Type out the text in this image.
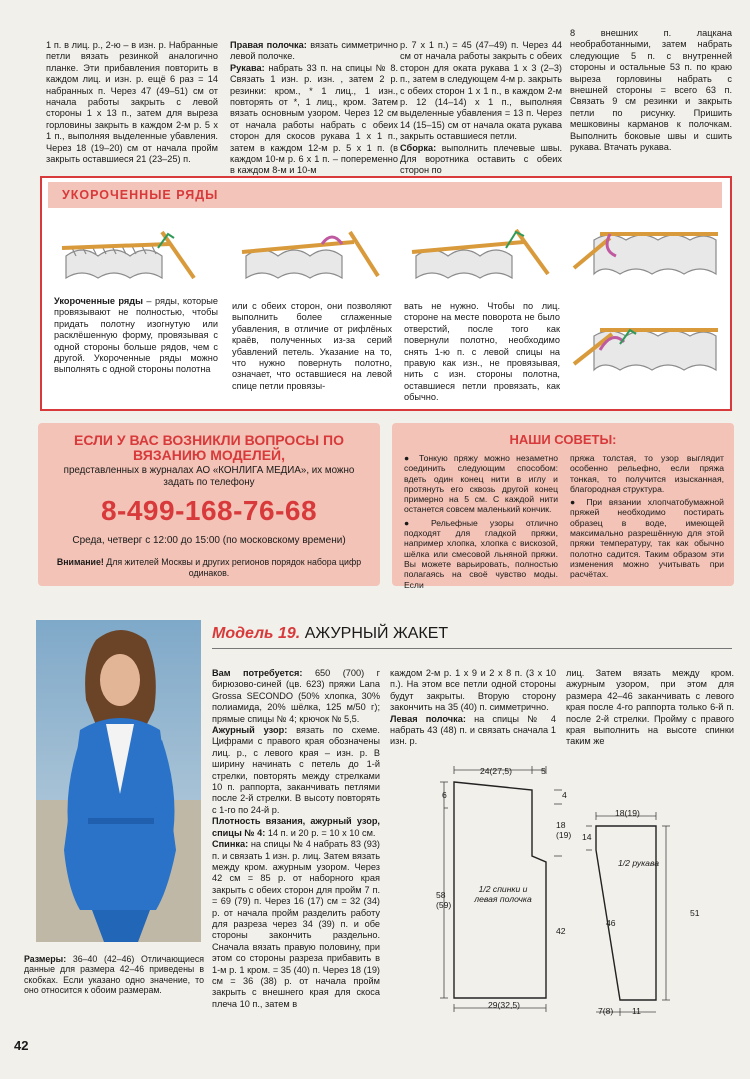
1 п. в лиц. р., 2-ю – в изн. р. Набранные петли вязать резинкой аналогично планке. Эти прибавления повторить в каждом лиц. и изн. р. ещё 6 раз = 14 набранных п. Через 47 (49–51) см от начала работы закрыть с левой стороны 1 x 13 п., затем для выреза горловины закрыть в каждом 2-м р. 5 x 1 п., выполняя выделенные убавления. Через 18 (19–20) см от начала пройм закрыть оставшиеся 21 (23–25) п.
Правая полочка: вязать симметрично левой полочке.
Рукава: набрать 33 п. на спицы № 8. Связать 1 изн. р. изн. , затем 2 р. резинки: кром., * 1 лиц., 1 изн., повторять от *, 1 лиц., кром. Затем вязать основным узором. Через 12 см от начала работы набрать с обеих сторон для скосов рукава 1 x 1 п., затем в каждом 12-м р. 5 x 1 п. (в каждом 10-м р. 6 x 1 п. – попеременно в каждом 8-м и 10-м
р. 7 x 1 п.) = 45 (47–49) п. Через 44 см от начала работы закрыть с обеих сторон для оката рукава 1 x 3 (2–3) п., затем в следующем 4-м р. закрыть с обеих сторон 1 x 1 п., в каждом 2-м р. 12 (14–14) x 1 п., выполняя выделенные убавления = 13 п. Через 14 (15–15) см от начала оката рукава закрыть оставшиеся петли.
Сборка: выполнить плечевые швы. Для воротника оставить с обеих сторон по
8 внешних п. лацкана необработанными, затем набрать следующие 5 п. с внутренней стороны и остальные 53 п. по краю выреза горловины набрать с внешней стороны = всего 63 п. Связать 9 см резинки и закрыть петли по рисунку. Пришить мешковины карманов к полочкам. Выполнить боковые швы и сшить рукава. Втачать рукава.
УКОРОЧЕННЫЕ РЯДЫ
Укороченные ряды – ряды, которые провязывают не полностью, чтобы придать полотну изогнутую или расклёшенную форму, провязывая с одной стороны больше рядов, чем с другой. Укороченные ряды можно выполнять с одной стороны полотна
или с обеих сторон, они позволяют выполнить более сглаженные убавления, в отличие от рифлёных краёв, полученных из-за серий убавлений петель. Указание на то, что нужно повернуть полотно, означает, что оставшиеся на левой спице петли провязы-
вать не нужно. Чтобы по лиц. стороне на месте поворота не было отверстий, после того как повернули полотно, необходимо снять 1-ю п. с левой спицы на правую как изн., не провязывая, нить с изн. стороны полотна, оставшиеся петли провязать, как обычно.
ЕСЛИ У ВАС ВОЗНИКЛИ ВОПРОСЫ ПО ВЯЗАНИЮ МОДЕЛЕЙ,
представленных в журналах АО «КОНЛИГА МЕДИА», их можно задать по телефону
8-499-168-76-68
Среда, четверг с 12:00 до 15:00 (по московскому времени)
Внимание! Для жителей Москвы и других регионов порядок набора цифр одинаков.
НАШИ СОВЕТЫ:
● Тонкую пряжу можно незаметно соединить следующим способом: вдеть один конец нити в иглу и протянуть его сквозь другой конец примерно на 5 см. С каждой нити останется совсем маленький кончик.
● Рельефные узоры отлично подходят для гладкой пряжи, например хлопка, хлопка с вискозой, шёлка или смесовой льняной пряжи. Вы можете варьировать, полностью полагаясь на своё чувство моды. Если
пряжа толстая, то узор выглядит особенно рельефно, если пряжа тонкая, то получится изысканная, благородная структура.
● При вязании хлопчатобумажной пряжей необходимо постирать образец в воде, имеющей максимально разрешённую для этой пряжи температуру, так как обычно полотно садится. Таким образом эти изменения можно учитывать при расчётах.
Модель 19. АЖУРНЫЙ ЖАКЕТ
Размеры: 36–40 (42–46) Отличающиеся данные для размера 42–46 приведены в скобках. Если указано одно значение, то оно относится к обоим размерам.
Вам потребуется: 650 (700) г бирюзово-синей (цв. 623) пряжи Lana Grossa SECONDO (50% хлопка, 30% полиамида, 20% шёлка, 125 м/50 г); прямые спицы № 4; крючок № 5,5.
Ажурный узор: вязать по схеме. Цифрами с правого края обозначены лиц. р., с левого края – изн. р. В ширину начинать с петель до 1-й стрелки, повторять между стрелками 10 п. раппорта, заканчивать петлями после 2-й стрелки. В высоту повторять с 1-го по 24-й р.
Плотность вязания, ажурный узор, спицы № 4: 14 п. и 20 р. = 10 x 10 см.
Спинка: на спицы № 4 набрать 83 (93) п. и связать 1 изн. р. лиц. Затем вязать между кром. ажурным узором. Через 42 см = 85 р. от наборного края закрыть с обеих сторон для пройм 7 п. = 69 (79) п. Через 16 (17) см = 32 (34) р. от начала пройм разделить работу для разреза через 34 (39) п. и обе стороны закончить раздельно. Сначала вязать правую половину, при этом со стороны разреза прибавить в 1-м р. 1 кром. = 35 (40) п. Через 18 (19) см = 36 (38) р. от начала пройм закрыть с внешнего края для скоса плеча 10 п., затем в
каждом 2-м р. 1 x 9 и 2 x 8 п. (3 x 10 п.). На этом все петли одной стороны будут закрыты. Вторую сторону закончить на 35 (40) п. симметрично.
Левая полочка: на спицы № 4 набрать 43 (48) п. и связать сначала 1 изн. р.
лиц. Затем вязать между кром. ажурным узором, при этом для размера 42–46 заканчивать с левого края после 4-го раппорта только 6-й п. после 2-й стрелки. Пройму с правого края выполнить на высоте спинки таким же
24(27,5)	5
6	4
18 (19)
58 (59)
42
29(32,5)
1/2 спинки и левая полочка
18(19)
14
46
51
7(8) 11
1/2 рукава
42
